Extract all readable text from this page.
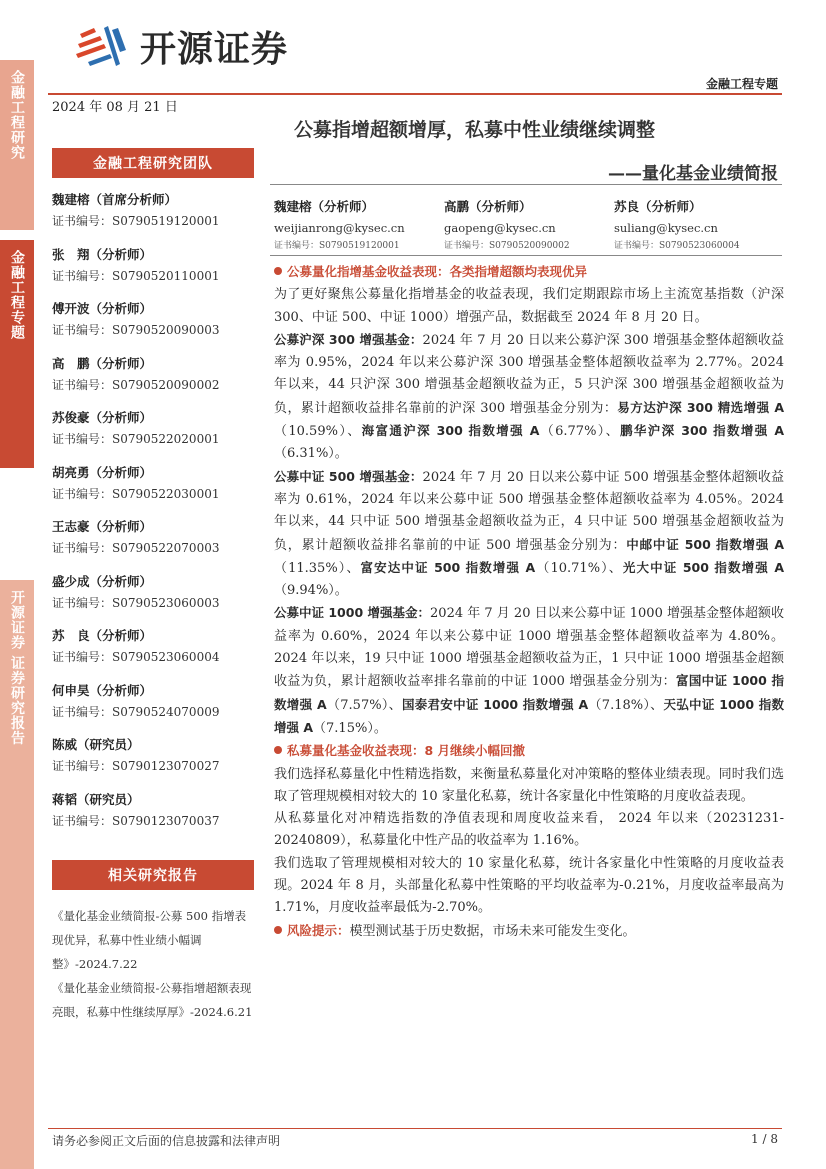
金融工程研究
金融工程专题
开源证券 证券研究报告
开源证券
金融工程专题
2024 年 08 月 21 日
公募指增超额增厚，私募中性业绩继续调整
——量化基金业绩简报
金融工程研究团队
魏建榕（首席分析师）
证书编号：S0790519120001
张　翔（分析师）
证书编号：S0790520110001
傅开波（分析师）
证书编号：S0790520090003
高　鹏（分析师）
证书编号：S0790520090002
苏俊豪（分析师）
证书编号：S0790522020001
胡亮勇（分析师）
证书编号：S0790522030001
王志豪（分析师）
证书编号：S0790522070003
盛少成（分析师）
证书编号：S0790523060003
苏　良（分析师）
证书编号：S0790523060004
何申昊（分析师）
证书编号：S0790524070009
陈威（研究员）
证书编号：S0790123070027
蒋韬（研究员）
证书编号：S0790123070037
相关研究报告
《量化基金业绩简报-公募 500 指增表现优异，私募中性业绩小幅调整》-2024.7.22
《量化基金业绩简报-公募指增超额表现亮眼，私募中性继续厚厚》-2024.6.21
魏建榕（分析师）
weijianrong@kysec.cn
证书编号：S0790519120001
高鹏（分析师）
gaopeng@kysec.cn
证书编号：S0790520090002
苏良（分析师）
suliang@kysec.cn
证书编号：S0790523060004

公募量化指增基金收益表现：各类指增超额均表现优异

为了更好聚焦公募量化指增基金的收益表现，我们定期跟踪市场上主流宽基指数（沪深 300、中证 500、中证 1000）增强产品，数据截至 2024 年 8 月 20 日。

公募沪深 300 增强基金：2024 年 7 月 20 日以来公募沪深 300 增强基金整体超额收益率为 0.95%，2024 年以来公募沪深 300 增强基金整体超额收益率为 2.77%。2024 年以来，44 只沪深 300 增强基金超额收益为正，5 只沪深 300 增强基金超额收益为负，累计超额收益排名靠前的沪深 300 增强基金分别为：易方达沪深 300 精选增强 A（10.59%）、海富通沪深 300 指数增强 A（6.77%）、鹏华沪深 300 指数增强 A（6.31%）。

公募中证 500 增强基金：2024 年 7 月 20 日以来公募中证 500 增强基金整体超额收益率为 0.61%，2024 年以来公募中证 500 增强基金整体超额收益率为 4.05%。2024 年以来，44 只中证 500 增强基金超额收益为正，4 只中证 500 增强基金超额收益为负，累计超额收益排名靠前的中证 500 增强基金分别为：中邮中证 500 指数增强 A（11.35%）、富安达中证 500 指数增强 A（10.71%）、光大中证 500 指数增强 A（9.94%）。

公募中证 1000 增强基金：2024 年 7 月 20 日以来公募中证 1000 增强基金整体超额收益率为 0.60%，2024 年以来公募中证 1000 增强基金整体超额收益率为 4.80%。2024 年以来，19 只中证 1000 增强基金超额收益为正，1 只中证 1000 增强基金超额收益为负，累计超额收益率排名靠前的中证 1000 增强基金分别为：富国中证 1000 指数增强 A（7.57%）、国泰君安中证 1000 指数增强 A（7.18%）、天弘中证 1000 指数增强 A（7.15%）。

私募量化基金收益表现：8 月继续小幅回撤

我们选择私募量化中性精选指数，来衡量私募量化对冲策略的整体业绩表现。同时我们选取了管理规模相对较大的 10 家量化私募，统计各家量化中性策略的月度收益表现。

从私募量化对冲精选指数的净值表现和周度收益来看， 2024 年以来（20231231-20240809），私募量化中性产品的收益率为 1.16%。

我们选取了管理规模相对较大的 10 家量化私募，统计各家量化中性策略的月度收益表现。2024 年 8 月，头部量化私募中性策略的平均收益率为-0.21%，月度收益率最高为 1.71%，月度收益率最低为-2.70%。

风险提示：模型测试基于历史数据，市场未来可能发生变化。

请务必参阅正文后面的信息披露和法律声明	1 / 8
